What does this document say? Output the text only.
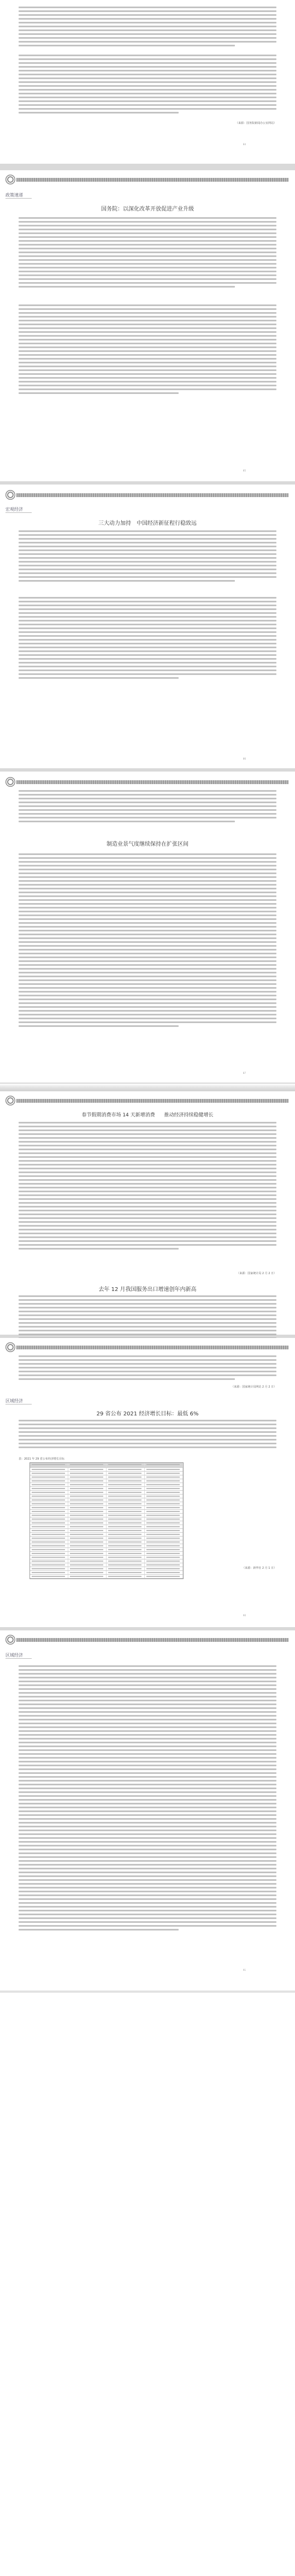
（来源：国务院新闻办公室网站）
84
政策速递
国务院：以深化改革开放促进产业升级
85
宏观经济
三大动力加持　中国经济新征程行稳致远
86
制造业景气度继续保持在扩张区间
87
春节假期消费市场 14 天新增消费 推动经济持续稳健增长
（来源：国家统计局 2 月 2 日）
去年 12 月我国服务出口增速创年内新高
（来源：国家统计局网站 2 月 2 日）
区域经济
29 省公布 2021 经济增长目标：最低 6%
表：2021 年 29 省公布经济增长目标
（来源：新华社 2 月 1 日）
90
区域经济
91
